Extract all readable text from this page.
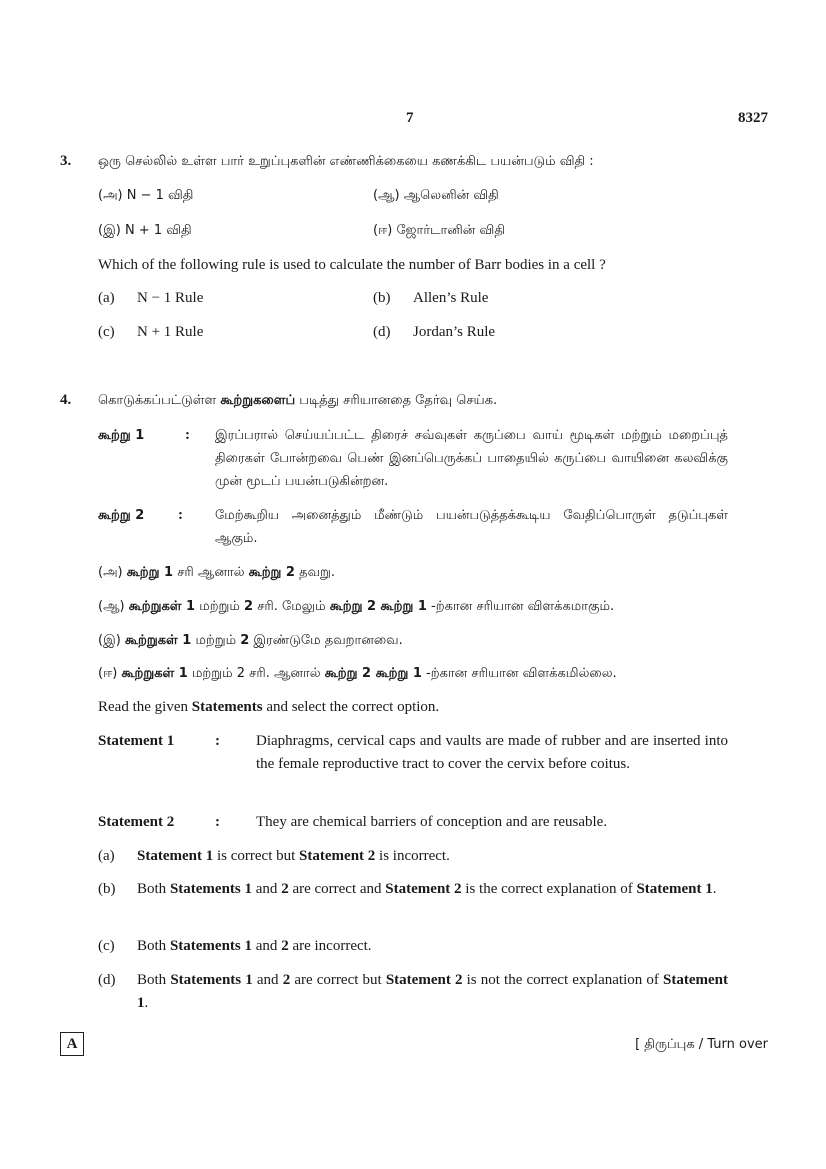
7	8327
3. ஒரு செல்லில் உள்ள பார் உறுப்புகளின் எண்ணிக்கையை கணக்கிட பயன்படும் விதி :
(அ) N − 1 விதி	(ஆ) ஆலெனின் விதி
(இ) N + 1 விதி	(ஈ) ஜோர்டானின் விதி
Which of the following rule is used to calculate the number of Barr bodies in a cell ?
(a) N − 1 Rule	(b) Allen’s Rule
(c) N + 1 Rule	(d) Jordan’s Rule
4. கொடுக்கப்பட்டுள்ள கூற்றுகளைப் படித்து சரியானதை தேர்வு செய்க.
கூற்று 1	: இரப்பரால் செய்யப்பட்ட திரைச் சவ்வுகள் கருப்பை வாய் மூடிகள் மற்றும் மறைப்புத் திரைகள் போன்றவை பெண் இனப்பெருக்கப் பாதையில் கருப்பை வாயினை கலவிக்கு முன் மூடப் பயன்படுகின்றன.
கூற்று 2 : மேற்கூறிய அனைத்தும் மீண்டும் பயன்படுத்தக்கூடிய வேதிப்பொருள் தடுப்புகள் ஆகும்.
(அ) கூற்று 1 சரி ஆனால் கூற்று 2 தவறு.
(ஆ) கூற்றுகள் 1 மற்றும் 2 சரி. மேலும் கூற்று 2 கூற்று 1 -ற்கான சரியான விளக்கமாகும்.
(இ) கூற்றுகள் 1 மற்றும் 2 இரண்டுமே தவறானவை.
(ஈ) கூற்றுகள் 1 மற்றும் 2 சரி. ஆனால் கூற்று 2 கூற்று 1 -ற்கான சரியான விளக்கமில்லை.
Read the given Statements and select the correct option.
Statement 1	: Diaphragms, cervical caps and vaults are made of rubber and are inserted into the female reproductive tract to cover the cervix before coitus.
Statement 2	: They are chemical barriers of conception and are reusable.
(a) Statement 1 is correct but Statement 2 is incorrect.
(b) Both Statements 1 and 2 are correct and Statement 2 is the correct explanation of Statement 1.
(c) Both Statements 1 and 2 are incorrect.
(d) Both Statements 1 and 2 are correct but Statement 2 is not the correct explanation of Statement 1.
A	[ திருப்புக / Turn over
